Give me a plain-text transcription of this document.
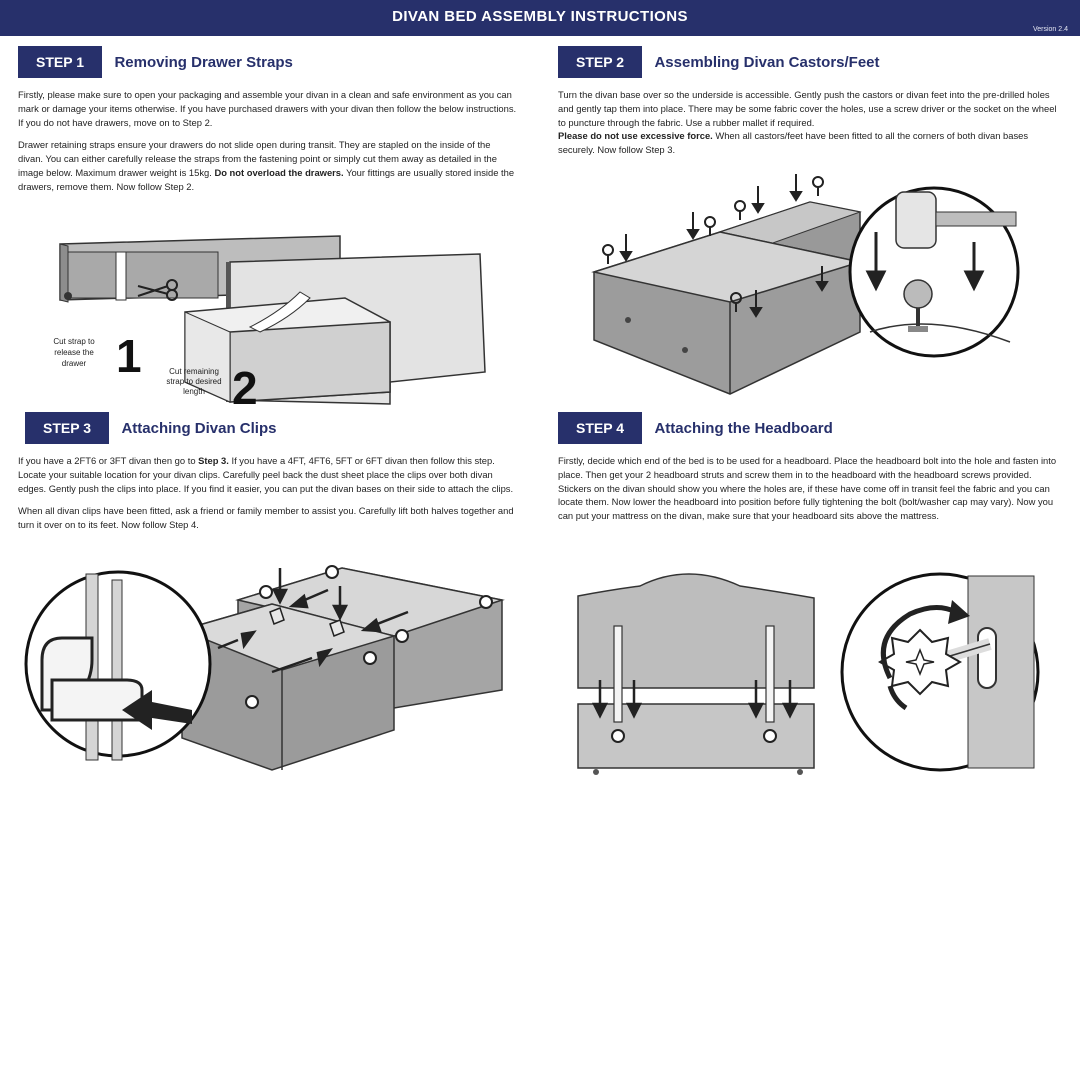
DIVAN BED ASSEMBLY INSTRUCTIONS
Version 2.4
STEP 1 Removing Drawer Straps

Firstly, please make sure to open your packaging and assemble your divan in a clean and safe environment as you can mark or damage your items otherwise. If you have purchased drawers with your divan then follow the below instructions. If you do not have drawers, move on to Step 2.

Drawer retaining straps ensure your drawers do not slide open during transit. They are stapled on the inside of the divan. You can either carefully release the straps from the fastening point or simply cut them away as detailed in the image below. Maximum drawer weight is 15kg. Do not overload the drawers. Your fittings are usually stored inside the drawers, remove them. Now follow Step 2.

Cut strap to
release the
drawer 1	Cut remaining
strap to desired
length 2
STEP 2 Assembling Divan Castors/Feet

Turn the divan base over so the underside is accessible. Gently push the castors or divan feet into the pre-drilled holes and gently tap them into place. There may be some fabric cover the holes, use a screw driver or the socket on the wheel to puncture through the fabric. Use a rubber mallet if required.

Please do not use excessive force. When all castors/feet have been fitted to all the corners of both divan bases securely. Now follow Step 3.

STEP 3 Attaching Divan Clips

If you have a 2FT6 or 3FT divan then go to Step 3. If you have a 4FT, 4FT6, 5FT or 6FT divan then follow this step. Locate your suitable location for your divan clips. Carefully peel back the dust sheet place the clips over both divan edges. Gently push the clips into place. If you find it easier, you can put the divan bases on their side to attach the clips.

When all divan clips have been fitted, ask a friend or family member to assist you. Carefully lift both halves together and turn it over on to its feet. Now follow Step 4.

STEP 4 Attaching the Headboard

Firstly, decide which end of the bed is to be used for a headboard. Place the headboard bolt into the hole and fasten into place. Then get your 2 headboard struts and screw them in to the headboard with the headboard screws provided.

Stickers on the divan should show you where the holes are, if these have come off in transit feel the fabric and you can locate them. Now lower the headboard into position before fully tightening the bolt (bolt/washer cap may vary). Now you can put your mattress on the divan, make sure that your headboard sits above the mattress.
